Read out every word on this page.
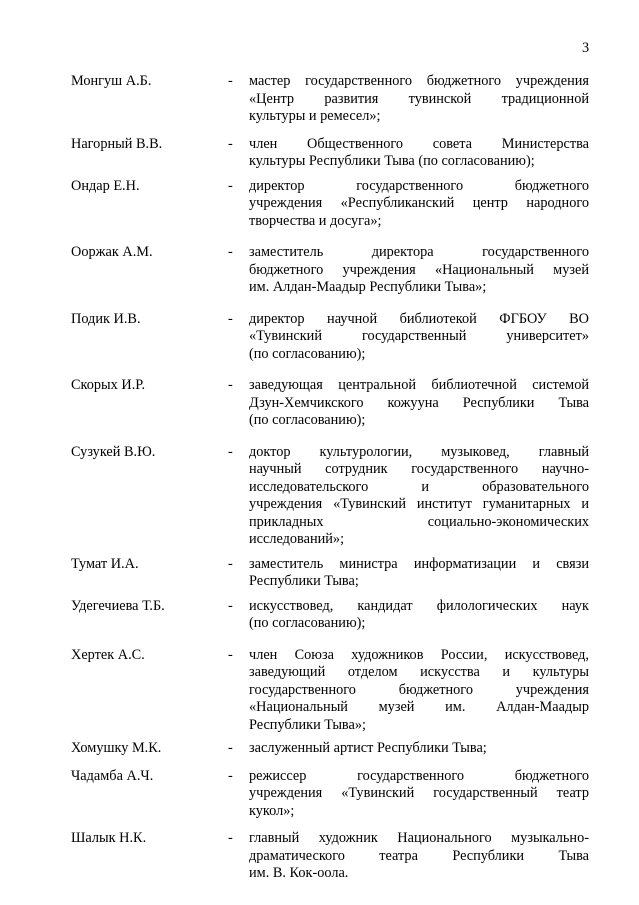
3
Монгуш А.Б.	- мастер государственного бюджетного учреждения
«Центр развития тувинской традиционной
культуры и ремесел»;
Нагорный В.В.	- член Общественного совета Министерства
культуры Республики Тыва (по согласованию);
Ондар Е.Н.	- директор государственного бюджетного
учреждения «Республиканский центр народного
творчества и досуга»;
Ооржак А.М.	- заместитель директора государственного
бюджетного учреждения «Национальный музей
им. Алдан-Маадыр Республики Тыва»;
Подик И.В.	- директор научной библиотекой ФГБОУ ВО
«Тувинский государственный университет»
(по согласованию);
Скорых И.Р.	- заведующая центральной библиотечной системой
Дзун-Хемчикского кожууна Республики Тыва
(по согласованию);
Сузукей В.Ю.	- доктор культурологии, музыковед, главный
научный сотрудник государственного научно-
исследовательского и образовательного
учреждения «Тувинский институт гуманитарных и
прикладных социально-экономических
исследований»;
Тумат И.А.	- заместитель министра информатизации и связи
Республики Тыва;
Удегечиева Т.Б.	- искусствовед, кандидат филологических наук
(по согласованию);
Хертек А.С.	- член Союза художников России, искусствовед,
заведующий отделом искусства и культуры
государственного бюджетного учреждения
«Национальный музей им. Алдан-Маадыр
Республики Тыва»;
Хомушку М.К.	- заслуженный артист Республики Тыва;
Чадамба А.Ч.	- режиссер государственного бюджетного
учреждения «Тувинский государственный театр
кукол»;
Шалык Н.К.	- главный художник Национального музыкально-
драматического театра Республики Тыва
им. В. Кок-оола.
